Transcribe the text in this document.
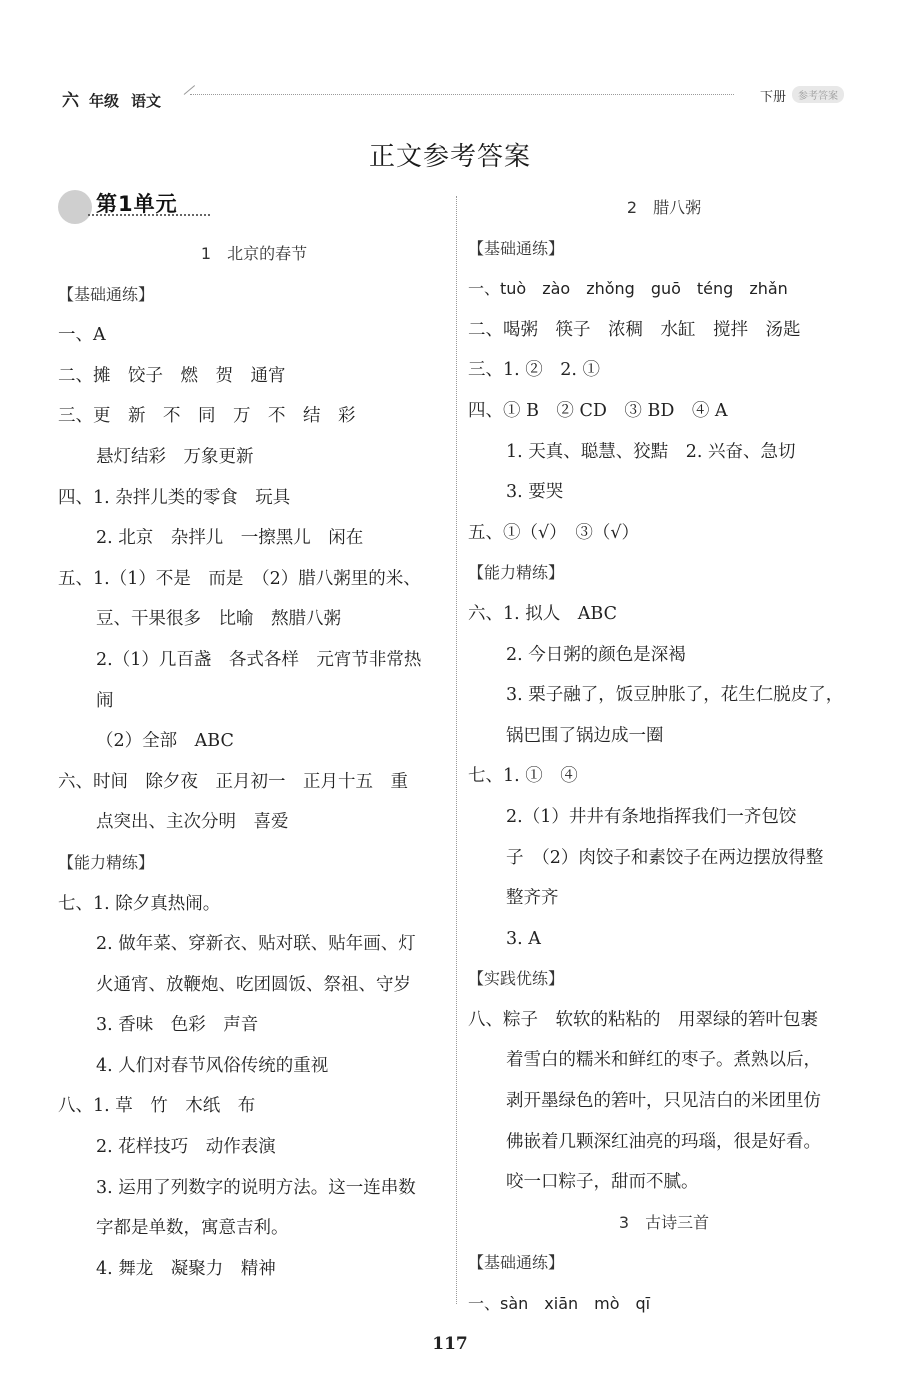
六 年级 语文	下册 参考答案
正文参考答案
第1单元
1　北京的春节
【基础通练】
一、A
二、摊　饺子　燃　贺　通宵
三、更　新　不　同　万　不　结　彩
悬灯结彩　万象更新
四、1. 杂拌儿类的零食　玩具
2. 北京　杂拌儿　一擦黑儿　闲在
五、1.（1）不是　而是　（2）腊八粥里的米、
豆、干果很多　比喻　熬腊八粥
2.（1）几百盏　各式各样　元宵节非常热
闹
（2）全部　ABC
六、时间　除夕夜　正月初一　正月十五　重
点突出、主次分明　喜爱
【能力精练】
七、1. 除夕真热闹。
2. 做年菜、穿新衣、贴对联、贴年画、灯
火通宵、放鞭炮、吃团圆饭、祭祖、守岁
3. 香味　色彩　声音
4. 人们对春节风俗传统的重视
八、1. 草　竹　木纸　布
2. 花样技巧　动作表演
3. 运用了列数字的说明方法。这一连串数
字都是单数，寓意吉利。
4. 舞龙　凝聚力　精神
2　腊八粥
【基础通练】
一、tuò　zào　zhǒng　guō　téng　zhǎn
二、喝粥　筷子　浓稠　水缸　搅拌　汤匙
三、1. ②　2. ①
四、① B　② CD　③ BD　④ A
1. 天真、聪慧、狡黠　2. 兴奋、急切
3. 要哭
五、①（√）　③（√）
【能力精练】
六、1. 拟人　ABC
2. 今日粥的颜色是深褐
3. 栗子融了，饭豆肿胀了，花生仁脱皮了，
锅巴围了锅边成一圈
七、1. ①　④
2.（1）井井有条地指挥我们一齐包饺
子　（2）肉饺子和素饺子在两边摆放得整
整齐齐
3. A
【实践优练】
八、粽子　软软的粘粘的　用翠绿的箬叶包裹
着雪白的糯米和鲜红的枣子。煮熟以后，
剥开墨绿色的箬叶，只见洁白的米团里仿
佛嵌着几颗深红油亮的玛瑙，很是好看。
咬一口粽子，甜而不腻。
3　古诗三首
【基础通练】
一、sàn　xiān　mò　qī
117
